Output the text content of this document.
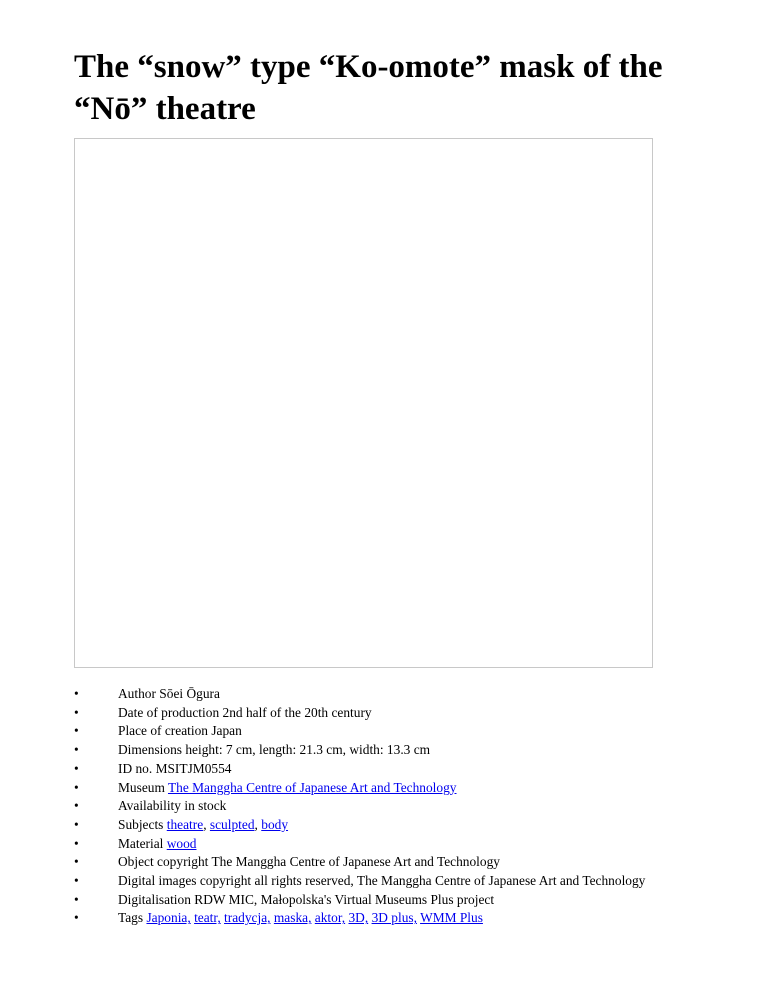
The “snow” type “Ko-omote” mask of the “Nō” theatre
• Author Sōei Ōgura
• Date of production 2nd half of the 20th century
• Place of creation Japan
• Dimensions height: 7 cm, length: 21.3 cm, width: 13.3 cm
• ID no. MSITJM0554
• Museum The Manggha Centre of Japanese Art and Technology
• Availability in stock
• Subjects theatre, sculpted, body
• Material wood
• Object copyright The Manggha Centre of Japanese Art and Technology
• Digital images copyright all rights reserved, The Manggha Centre of Japanese Art and Technology
• Digitalisation RDW MIC, Małopolska's Virtual Museums Plus project
• Tags Japonia, teatr, tradycja, maska, aktor, 3D, 3D plus, WMM Plus
